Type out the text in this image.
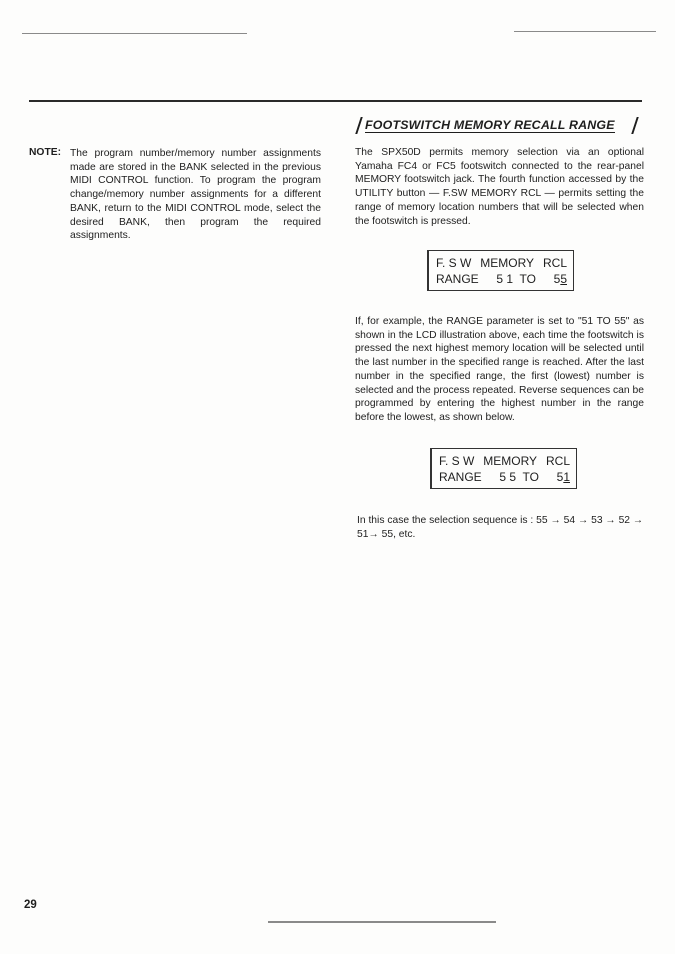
NOTE: The program number/memory number assignments made are stored in the BANK selected in the previous MIDI CONTROL function. To program the program change/memory number assignments for a different BANK, return to the MIDI CONTROL mode, select the desired BANK, then program the required assignments.
FOOTSWITCH MEMORY RECALL RANGE
The SPX50D permits memory selection via an optional Yamaha FC4 or FC5 footswitch connected to the rear-panel MEMORY footswitch jack. The fourth function accessed by the UTILITY button — F.SW MEMORY RCL — permits setting the range of memory location numbers that will be selected when the footswitch is pressed.
F. S W MEMORY RCL
RANGE 5 1  TO 55
If, for example, the RANGE parameter is set to "51 TO 55" as shown in the LCD illustration above, each time the footswitch is pressed the next highest memory location will be selected until the last number in the specified range is reached. After the last number in the specified range, the first (lowest) number is selected and the process repeated. Reverse sequences can be programmed by entering the highest number in the range before the lowest, as shown below.
F. S W MEMORY RCL
RANGE 5 5  TO 51
In this case the selection sequence is : 55 → 54 → 53 → 52 → 51→ 55, etc.
29
